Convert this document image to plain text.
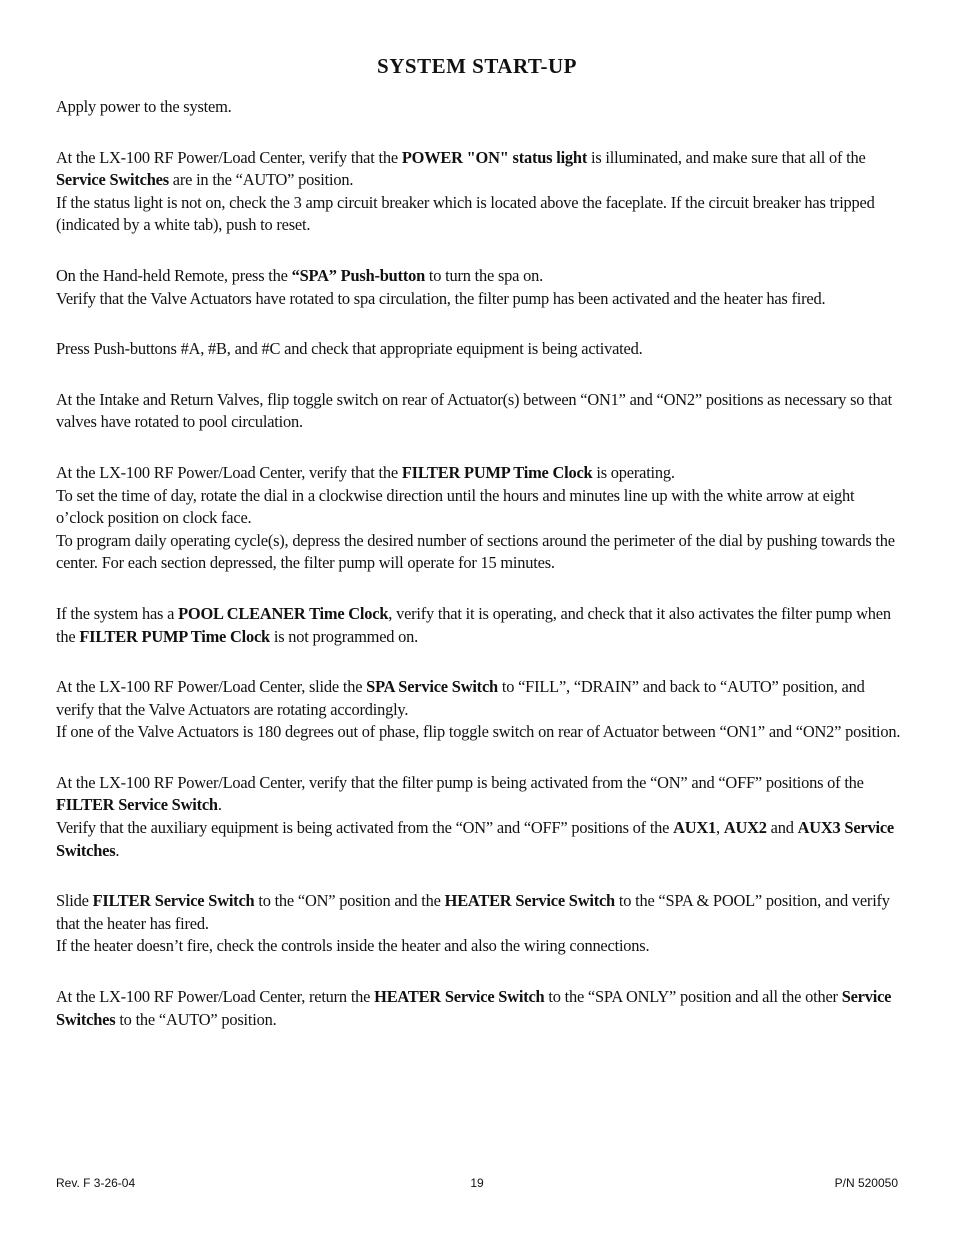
SYSTEM START-UP

Apply power to the system.

At the LX-100 RF Power/Load Center, verify that the POWER "ON" status light is illuminated, and make sure that all of the Service Switches are in the “AUTO” position.
If the status light is not on, check the 3 amp circuit breaker which is located above the faceplate. If the circuit breaker has tripped (indicated by a white tab), push to reset.

On the Hand-held Remote, press the “SPA” Push-button to turn the spa on.
Verify that the Valve Actuators have rotated to spa circulation, the filter pump has been activated and the heater has fired.

Press Push-buttons #A, #B, and #C and check that appropriate equipment is being activated.

At the Intake and Return Valves, flip toggle switch on rear of Actuator(s) between “ON1” and “ON2” positions as necessary so that valves have rotated to pool circulation.

At the LX-100 RF Power/Load Center, verify that the FILTER PUMP Time Clock is operating.
To set the time of day, rotate the dial in a clockwise direction until the hours and minutes line up with the white arrow at eight o’clock position on clock face.
To program daily operating cycle(s), depress the desired number of sections around the perimeter of the dial by pushing towards the center. For each section depressed, the filter pump will operate for 15 minutes.

If the system has a POOL CLEANER Time Clock, verify that it is operating, and check that it also activates the filter pump when the FILTER PUMP Time Clock is not programmed on.

At the LX-100 RF Power/Load Center, slide the SPA Service Switch to “FILL”, “DRAIN” and back to “AUTO” position, and verify that the Valve Actuators are rotating accordingly.
If one of the Valve Actuators is 180 degrees out of phase, flip toggle switch on rear of Actuator between “ON1” and “ON2” position.

At the LX-100 RF Power/Load Center, verify that the filter pump is being activated from the “ON” and “OFF” positions of the FILTER Service Switch.
Verify that the auxiliary equipment is being activated from the “ON” and “OFF” positions of the AUX1, AUX2 and AUX3 Service Switches.

Slide FILTER Service Switch to the “ON” position and the HEATER Service Switch to the “SPA & POOL” position, and verify that the heater has fired.
If the heater doesn’t fire, check the controls inside the heater and also the wiring connections.

At the LX-100 RF Power/Load Center, return the HEATER Service Switch to the “SPA ONLY” position and all the other Service Switches to the “AUTO” position.

Rev. F 3-26-04	19	P/N 520050
